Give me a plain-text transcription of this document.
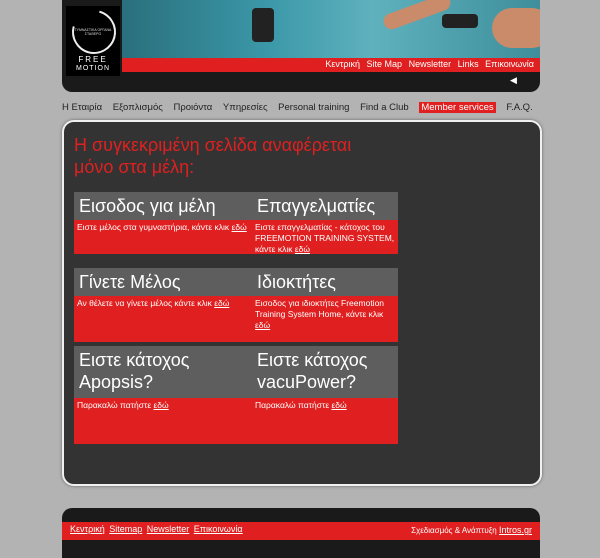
ΓΥΜΝΑΣΤΙΚΑ ΟΡΓΑΝΑ ΣΤΑΘΕΡΟ
FREE
MOTION	Κεντρική Site Map Newsletter Links Επικοινωνία
◀
Η Εταιρία Εξοπλισμός Προιόντα Υπηρεσίες Personal training Find a Club Member services F.A.Q.
Η συγκεκριμένη σελίδα αναφέρεται μόνο στα μέλη:
Εισοδος για μέλη
Ειστε μέλος στα γυμναστήρια, κάντε κλικ εδώ
Επαγγελματίες
Ειστε επαγγελματίας - κάτοχος του FREEMOTION TRAINING SYSTEM, κάντε κλικ εδώ
Γίνετε Μέλος
Αν θέλετε να γίνετε μέλος κάντε κλικ εδώ
Ιδιοκτήτες
Εισοδος για ιδιοκτήτες Freemotion Training System Home, κάντε κλικ εδώ
Ειστε κάτοχος Apopsis?
Παρακαλώ πατήστε εδώ
Ειστε κάτοχος vacuPower?
Παρακαλώ πατήστε εδώ
Κεντρική Sitemap Newsletter Επικοινωνία	Σχεδιασμός & Ανάπτυξη Intros.gr
